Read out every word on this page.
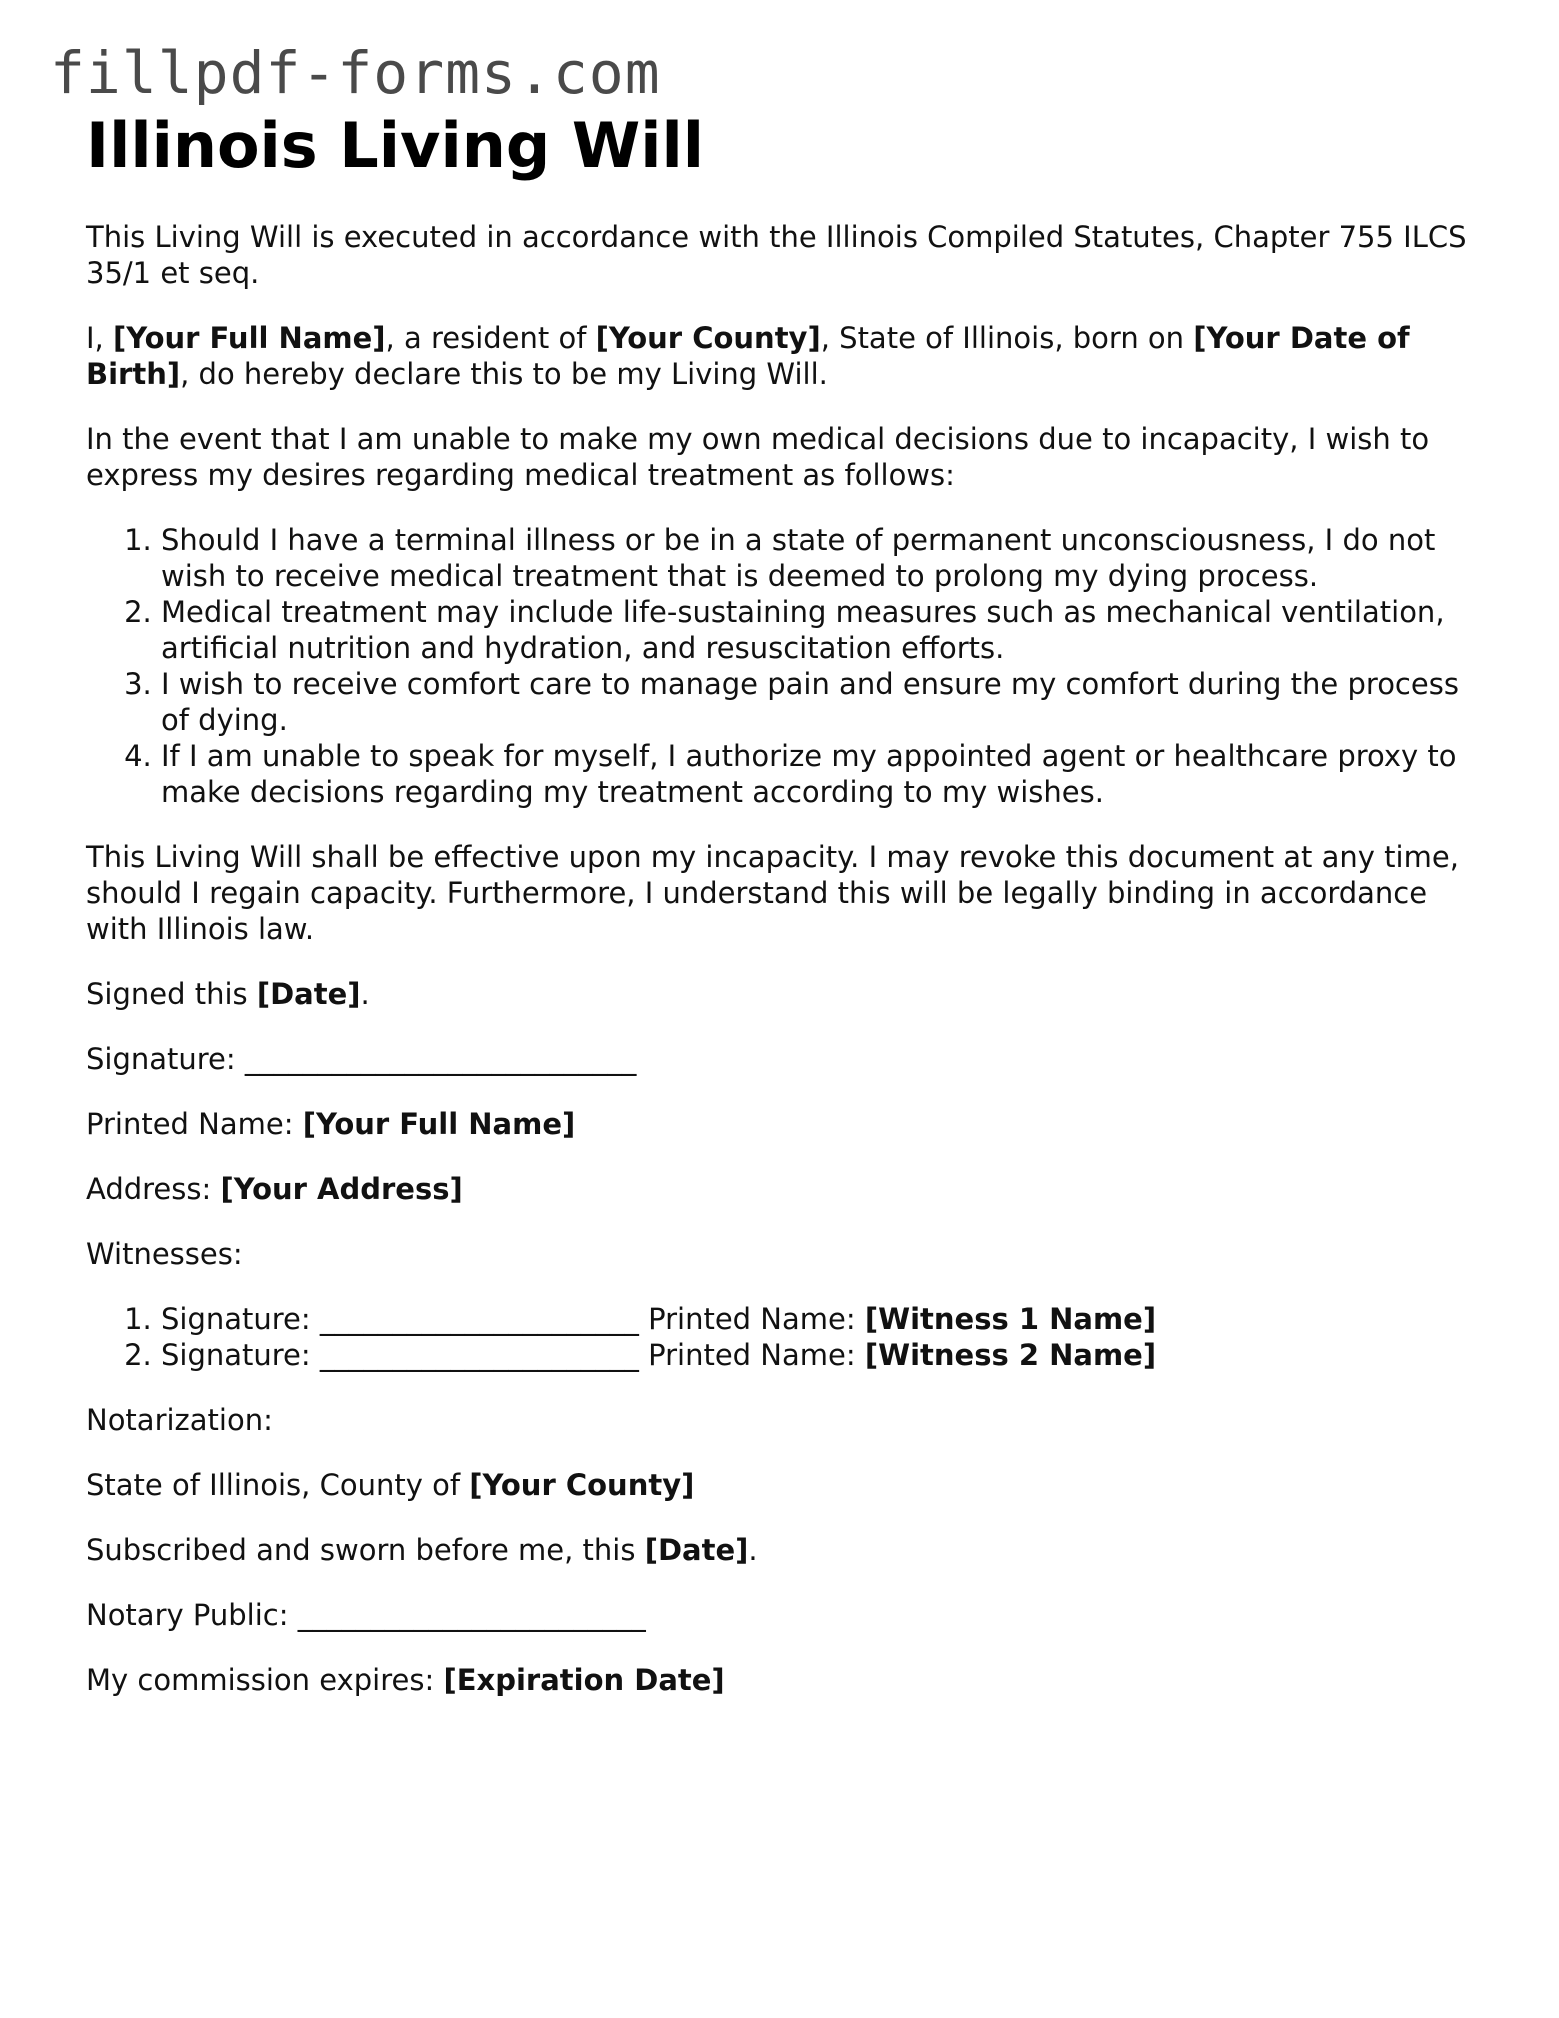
fillpdf-forms.com
Illinois Living Will

This Living Will is executed in accordance with the Illinois Compiled Statutes, Chapter 755 ILCS 35/1 et seq.

I, [Your Full Name], a resident of [Your County], State of Illinois, born on [Your Date of Birth], do hereby declare this to be my Living Will.

In the event that I am unable to make my own medical decisions due to incapacity, I wish to express my desires regarding medical treatment as follows:

1. Should I have a terminal illness or be in a state of permanent unconsciousness, I do not wish to receive medical treatment that is deemed to prolong my dying process.
2. Medical treatment may include life-sustaining measures such as mechanical ventilation, artificial nutrition and hydration, and resuscitation efforts.
3. I wish to receive comfort care to manage pain and ensure my comfort during the process of dying.
4. If I am unable to speak for myself, I authorize my appointed agent or healthcare proxy to make decisions regarding my treatment according to my wishes.

This Living Will shall be effective upon my incapacity. I may revoke this document at any time, should I regain capacity. Furthermore, I understand this will be legally binding in accordance with Illinois law.

Signed this [Date].

Signature: ___________________________

Printed Name: [Your Full Name]

Address: [Your Address]

Witnesses:

1. Signature: ______________________ Printed Name: [Witness 1 Name]
2. Signature: ______________________ Printed Name: [Witness 2 Name]

Notarization:

State of Illinois, County of [Your County]

Subscribed and sworn before me, this [Date].

Notary Public: ________________________

My commission expires: [Expiration Date]
